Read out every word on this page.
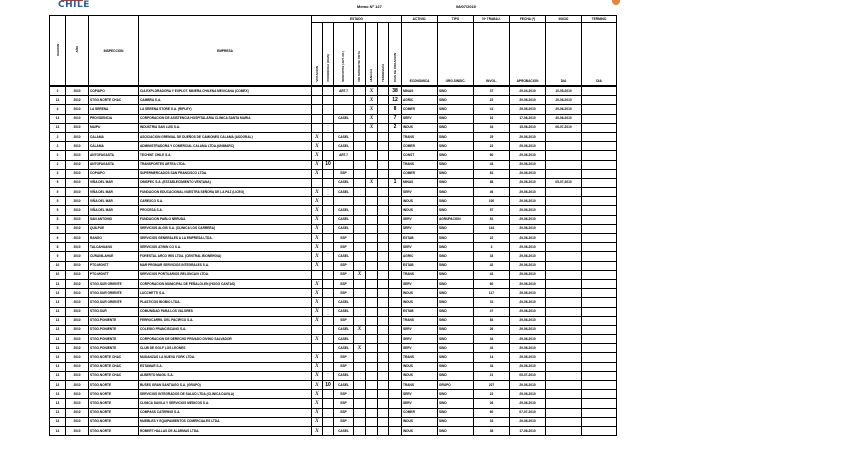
CHILE	Memo Nº 127	08/07/2010
REGION	AÑO	INSPECCION	EMPRESA	ESTADO							ACTIVID.	TIPO	Nº TRABAJ.	FECHA (*)	INICIO	TERMINO
				VOTACION	PRORROGA (DIAS)	SUSCRITO/ (ART./AT.)	NO SUSCRITO/ VOTA	HUELGA	TERMINADA	DIAS DE DURACION	ECONOMICA	ORG.SINDIC.	INVOL.	APROBACION	DIA	DIA
2	2010	COPIAPO	CIA EXPLORADORA Y EXPLOT. MINERA CHILENA MEXICANA (COMEX)			ART.7		X		38	MINAS	SIND	37	29-04-2010	10-05-2010	
13	2010	STGO.NORTE CHAC	CAMBRA S.A.					X		12	AGRIC	SIND	22	29-06-2010	29-06-2010	
4	2010	LA SERENA	LA SERENA STORE S.A. (RIPLEY)					X		8	COMER	SIND	41	29-06-2010	29-06-2010	
13	2010	PROVIDENCIA	CORPORACION DE ASISTENCIA HOSPITALARIA CLINICA SANTA MARIA			CASEL		X		7	SERV	SIND	16	17-06-2010	30-06-2010	
13	2010	MAIPU	INDUSTRIA SAN LUIS S.A.					X		2	INDUS	SIND	33	15-06-2010	06-07-2010	
2	2010	CALAMA	ASOCIACION GREMIAL DE DUEÑOS DE CAMIONES CALAMA (ASOGRAL)	X		CASEL					TRANS	SIND	25	29-06-2010		
2	2010	CALAMA	ADMINISTRADORA Y COMERCIAL CALAMA LTDA.(UNIMARC)	X		CASEL					COMER	SIND	22	29-06-2010		
2	2010	ANTOFAGASTA	TECHINT CHILE S.A.	X		ART.7					CONST	SIND	60	29-06-2010		
2	2010	ANTOFAGASTA	TRANSPORTES ARTEA LTDA.	X	10						TRANS	SIND	43	29-06-2010		
3	2010	COPIAPO	SUPERMERCADOS SAN FRANCISCO LTDA.	X		SSP					COMER	SIND	81	29-06-2010		
5	2010	VIÑA DEL MAR	OBISPEC S.A. (ESTABLECIMIENTO VENTANA)			CASEL		X		1	MINAS	SIND	88	29-06-2010	05-07-2010	
5	2010	VIÑA DEL MAR	FUNDACION EDUCACIONAL NUESTRA SEÑORA DE LA PAZ (LICEO)	X		CASEL					SERV	SIND	46	29-06-2010		
5	2010	VIÑA DEL MAR	CAREXCO S.A.	X							INDUS	SIND	100	29-06-2010		
5	2010	VIÑA DEL MAR	PROCESA S.A.	X		CASEL					INDUS	SIND	57	29-06-2010		
5	2010	SAN ANTONIO	FUNDACION PABLO NERUDA	X		CASEL					SERV	AGRUPACION	81	29-06-2010		
5	2010	QUILPUE	SERVICIOS ALGIS S.A. (CLINICA LOS CARRERA)	X		CASEL					SERV	SIND	144	29-06-2010		
6	2010	RANGO	SERVICIOS GENERALES A LA EMPRESA LTDA.	X		SSP					ESTAB	SIND	22	29-06-2010		
8	2010	TALCAHUANO	SERVICIOS ATWIN CO S.A.	X		SSP					SERV	SIND	3	29-06-2010		
9	2010	CURANILAHUE	FORESTAL ARCO IRIS LTDA. (CENTRAL BIONERGIA)	X		CASEL					AGRIC	SIND	33	29-06-2010		
10	2010	PTO.MONTT	MAR PROMAR SERVICIOS INTEGRALES S.A.	X		SSP					ESTAB	SIND	42	29-06-2010		
10	2010	PTO.MONTT	SERVICIOS PORTUARIOS RELONCAVI LTDA.			SSP	X				TRANS	SIND	42	29-06-2010		
13	2010	STGO.SUR ORIENTE	CORPORACION MUNICIPAL DE PEÑALOLEN (HOGO CANTAS)	X		SSP					SERV	SIND	60	29-06-2010		
13	2010	STGO.SUR ORIENTE	LUCCHETTI S.A.	X		SSP					INDUS	SIND	117	29-06-2010		
13	2010	STGO.SUR ORIENTE	PLASTICOS BIOBIO LTDA.	X		CASEL					INDUS	SIND	31	29-06-2010		
13	2010	STGO.SUR	COMUNIDAD PARA LOS VALORES	X		CASEL					ESTAB	SIND	47	29-06-2010		
13	2010	STGO.PONIENTE	FERROCARRIL DEL PACIFICO S.A.	X		SSP					TRANS	SIND	84	29-06-2010		
13	2010	STGO.PONIENTE	COLEGIO FRANCISCANO S.A.			CASEL	X				SERV	SIND	26	29-06-2010		
13	2010	STGO.PONIENTE	CORPORACION DE DERECHO PRIVADO DIVINO SALVADOR	X		CASEL					SERV	SIND	34	29-06-2010		
13	2010	STGO.PONIENTE	CLUB DE GOLF LOS LEONES			CASEL	X				SERV	SIND	42	29-06-2010		
13	2010	STGO.NORTE CHAC	MUDANZAS LA NUEVA YORK LTDA.	X		SSP					TRANS	SIND	14	29-06-2010		
13	2010	STGO.NORTE CHAC	ESTAMAR S.A.	X		SSP					INDUS	SIND	34	29-06-2010		
13	2010	STGO.NORTE CHAC	ALBERTO MAGIL S.A.	X		CASEL					INDUS	SIND	21	05-07-2010		
13	2010	STGO.NORTE	BUSES GRAN SANTIAGO S.A. (GRUPO)	X	10	CASEL					TRANS	GRUPO	227	29-06-2010		
13	2010	STGO.NORTE	SERVICIOS INTEGRADOS DE SALUD LTDA.(CLINICA DAVILA)	X		SSP					SERV	SIND	22	29-06-2010		
13	2010	STGO.NORTE	CLINICA DAVILA Y SERVICIOS MEDICOS S.A.	X		SSP					SERV	SIND	26	29-06-2010		
13	2010	STGO.NORTE	COMPASS CATERING S.A.	X		SSP					COMER	SIND	60	07-07-2010		
13	2010	STGO.NORTE	MUEBLES Y EQUIPAMIENTOS COMERCIALES LTDA.	X		SSP					INDUS	SIND	33	29-06-2010		
13	2010	STGO.NORTE	ROBERT HALLAS DE ALARMAS LTDA.	X		CASEL					INDUS	SIND	38	17-06-2010		
